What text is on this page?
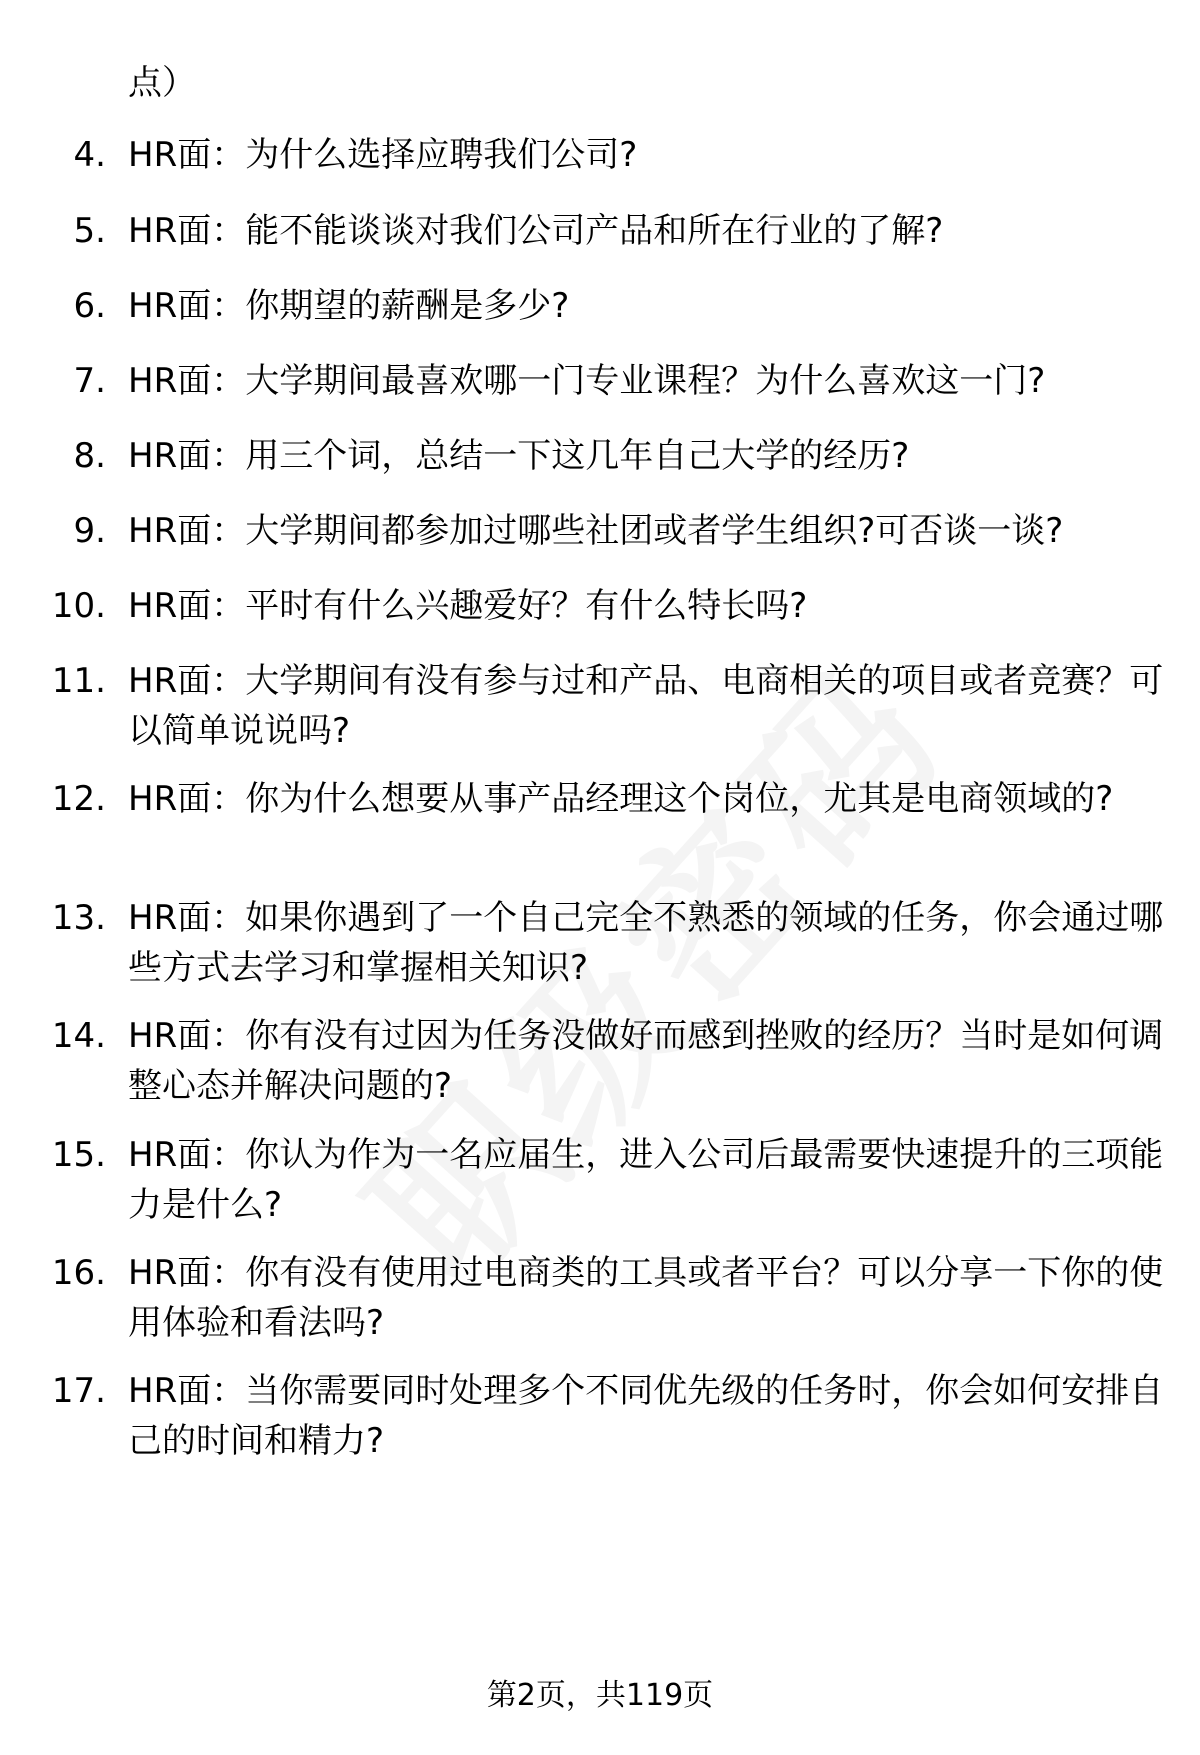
点）
4. HR面：为什么选择应聘我们公司?
5. HR面：能不能谈谈对我们公司产品和所在行业的了解?
6. HR面：你期望的薪酬是多少?
7. HR面：大学期间最喜欢哪一门专业课程？为什么喜欢这一门?
8. HR面：用三个词，总结一下这几年自己大学的经历?
9. HR面：大学期间都参加过哪些社团或者学生组织?可否谈一谈?
10. HR面：平时有什么兴趣爱好？有什么特长吗?
11. HR面：大学期间有没有参与过和产品、电商相关的项目或者竞赛？可以简单说说吗?
12. HR面：你为什么想要从事产品经理这个岗位，尤其是电商领域的?
13. HR面：如果你遇到了一个自己完全不熟悉的领域的任务，你会通过哪些方式去学习和掌握相关知识?
14. HR面：你有没有过因为任务没做好而感到挫败的经历？当时是如何调整心态并解决问题的?
15. HR面：你认为作为一名应届生，进入公司后最需要快速提升的三项能力是什么?
16. HR面：你有没有使用过电商类的工具或者平台？可以分享一下你的使用体验和看法吗?
17. HR面：当你需要同时处理多个不同优先级的任务时，你会如何安排自己的时间和精力?
第2页，共119页
